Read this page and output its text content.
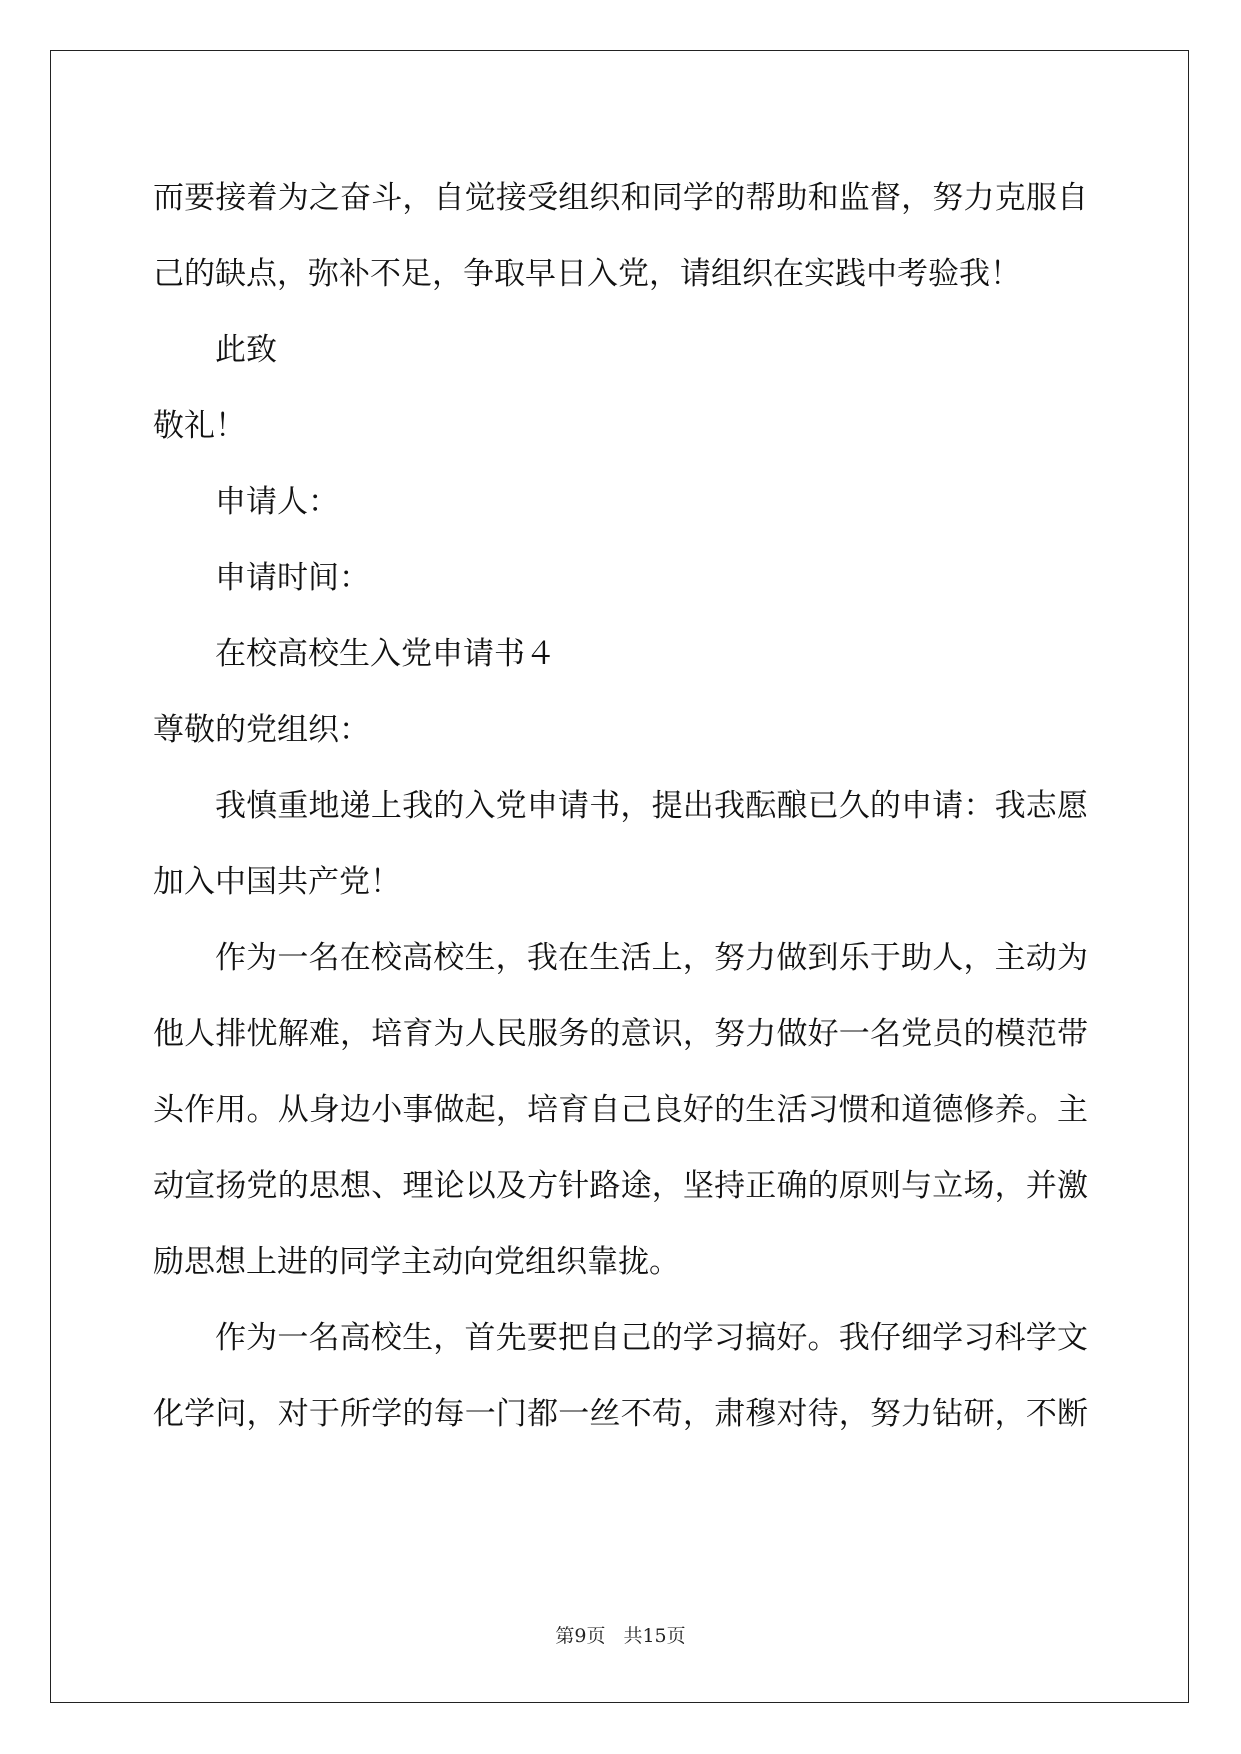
而要接着为之奋斗，自觉接受组织和同学的帮助和监督，努力克服自
己的缺点，弥补不足，争取早日入党，请组织在实践中考验我！
此致
敬礼！
申请人：
申请时间：
在校高校生入党申请书４
尊敬的党组织：
我慎重地递上我的入党申请书，提出我酝酿已久的申请：我志愿
加入中国共产党！
作为一名在校高校生，我在生活上，努力做到乐于助人，主动为
他人排忧解难，培育为人民服务的意识，努力做好一名党员的模范带
头作用。从身边小事做起，培育自己良好的生活习惯和道德修养。主
动宣扬党的思想、理论以及方针路途，坚持正确的原则与立场，并激
励思想上进的同学主动向党组织靠拢。
作为一名高校生，首先要把自己的学习搞好。我仔细学习科学文
化学问，对于所学的每一门都一丝不苟，肃穆对待，努力钻研，不断
第9页 共15页
